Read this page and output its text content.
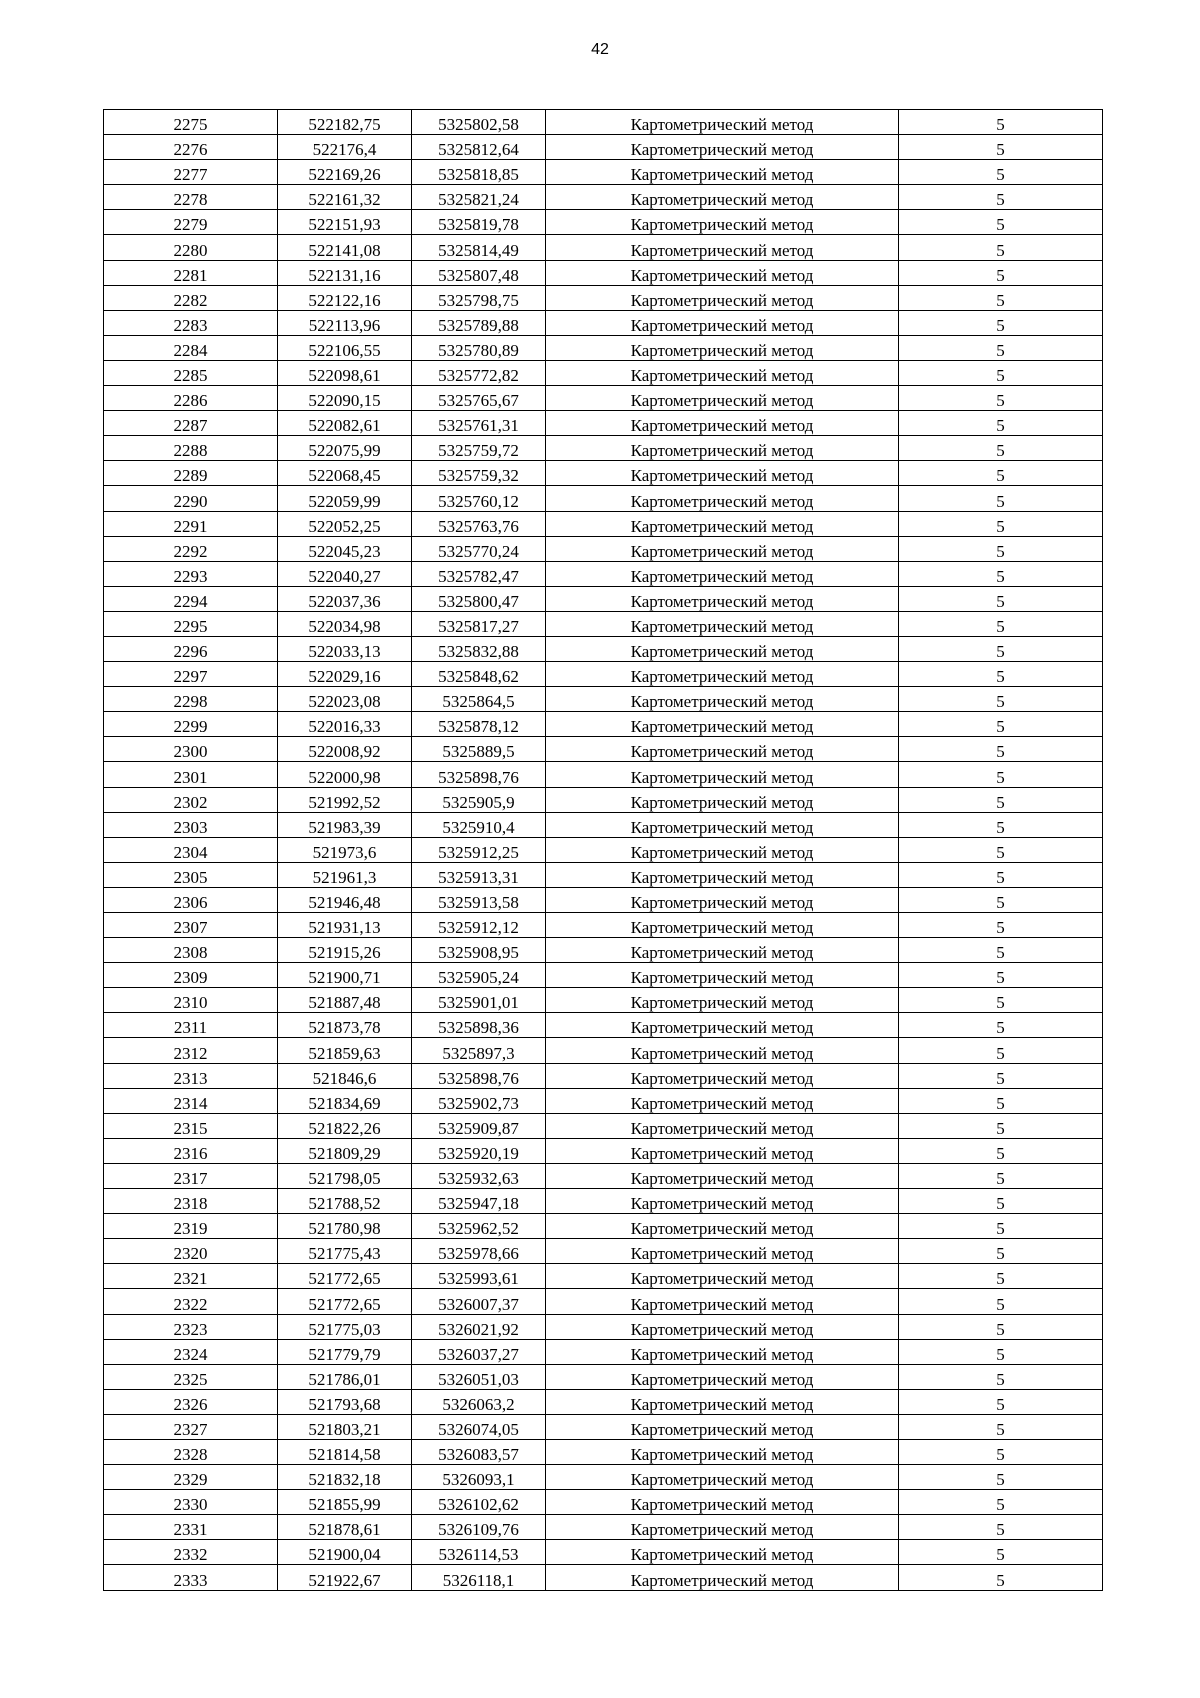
42
2275	522182,75	5325802,58	Картометрический метод	5
2276	522176,4	5325812,64	Картометрический метод	5
2277	522169,26	5325818,85	Картометрический метод	5
2278	522161,32	5325821,24	Картометрический метод	5
2279	522151,93	5325819,78	Картометрический метод	5
2280	522141,08	5325814,49	Картометрический метод	5
2281	522131,16	5325807,48	Картометрический метод	5
2282	522122,16	5325798,75	Картометрический метод	5
2283	522113,96	5325789,88	Картометрический метод	5
2284	522106,55	5325780,89	Картометрический метод	5
2285	522098,61	5325772,82	Картометрический метод	5
2286	522090,15	5325765,67	Картометрический метод	5
2287	522082,61	5325761,31	Картометрический метод	5
2288	522075,99	5325759,72	Картометрический метод	5
2289	522068,45	5325759,32	Картометрический метод	5
2290	522059,99	5325760,12	Картометрический метод	5
2291	522052,25	5325763,76	Картометрический метод	5
2292	522045,23	5325770,24	Картометрический метод	5
2293	522040,27	5325782,47	Картометрический метод	5
2294	522037,36	5325800,47	Картометрический метод	5
2295	522034,98	5325817,27	Картометрический метод	5
2296	522033,13	5325832,88	Картометрический метод	5
2297	522029,16	5325848,62	Картометрический метод	5
2298	522023,08	5325864,5	Картометрический метод	5
2299	522016,33	5325878,12	Картометрический метод	5
2300	522008,92	5325889,5	Картометрический метод	5
2301	522000,98	5325898,76	Картометрический метод	5
2302	521992,52	5325905,9	Картометрический метод	5
2303	521983,39	5325910,4	Картометрический метод	5
2304	521973,6	5325912,25	Картометрический метод	5
2305	521961,3	5325913,31	Картометрический метод	5
2306	521946,48	5325913,58	Картометрический метод	5
2307	521931,13	5325912,12	Картометрический метод	5
2308	521915,26	5325908,95	Картометрический метод	5
2309	521900,71	5325905,24	Картометрический метод	5
2310	521887,48	5325901,01	Картометрический метод	5
2311	521873,78	5325898,36	Картометрический метод	5
2312	521859,63	5325897,3	Картометрический метод	5
2313	521846,6	5325898,76	Картометрический метод	5
2314	521834,69	5325902,73	Картометрический метод	5
2315	521822,26	5325909,87	Картометрический метод	5
2316	521809,29	5325920,19	Картометрический метод	5
2317	521798,05	5325932,63	Картометрический метод	5
2318	521788,52	5325947,18	Картометрический метод	5
2319	521780,98	5325962,52	Картометрический метод	5
2320	521775,43	5325978,66	Картометрический метод	5
2321	521772,65	5325993,61	Картометрический метод	5
2322	521772,65	5326007,37	Картометрический метод	5
2323	521775,03	5326021,92	Картометрический метод	5
2324	521779,79	5326037,27	Картометрический метод	5
2325	521786,01	5326051,03	Картометрический метод	5
2326	521793,68	5326063,2	Картометрический метод	5
2327	521803,21	5326074,05	Картометрический метод	5
2328	521814,58	5326083,57	Картометрический метод	5
2329	521832,18	5326093,1	Картометрический метод	5
2330	521855,99	5326102,62	Картометрический метод	5
2331	521878,61	5326109,76	Картометрический метод	5
2332	521900,04	5326114,53	Картометрический метод	5
2333	521922,67	5326118,1	Картометрический метод	5
